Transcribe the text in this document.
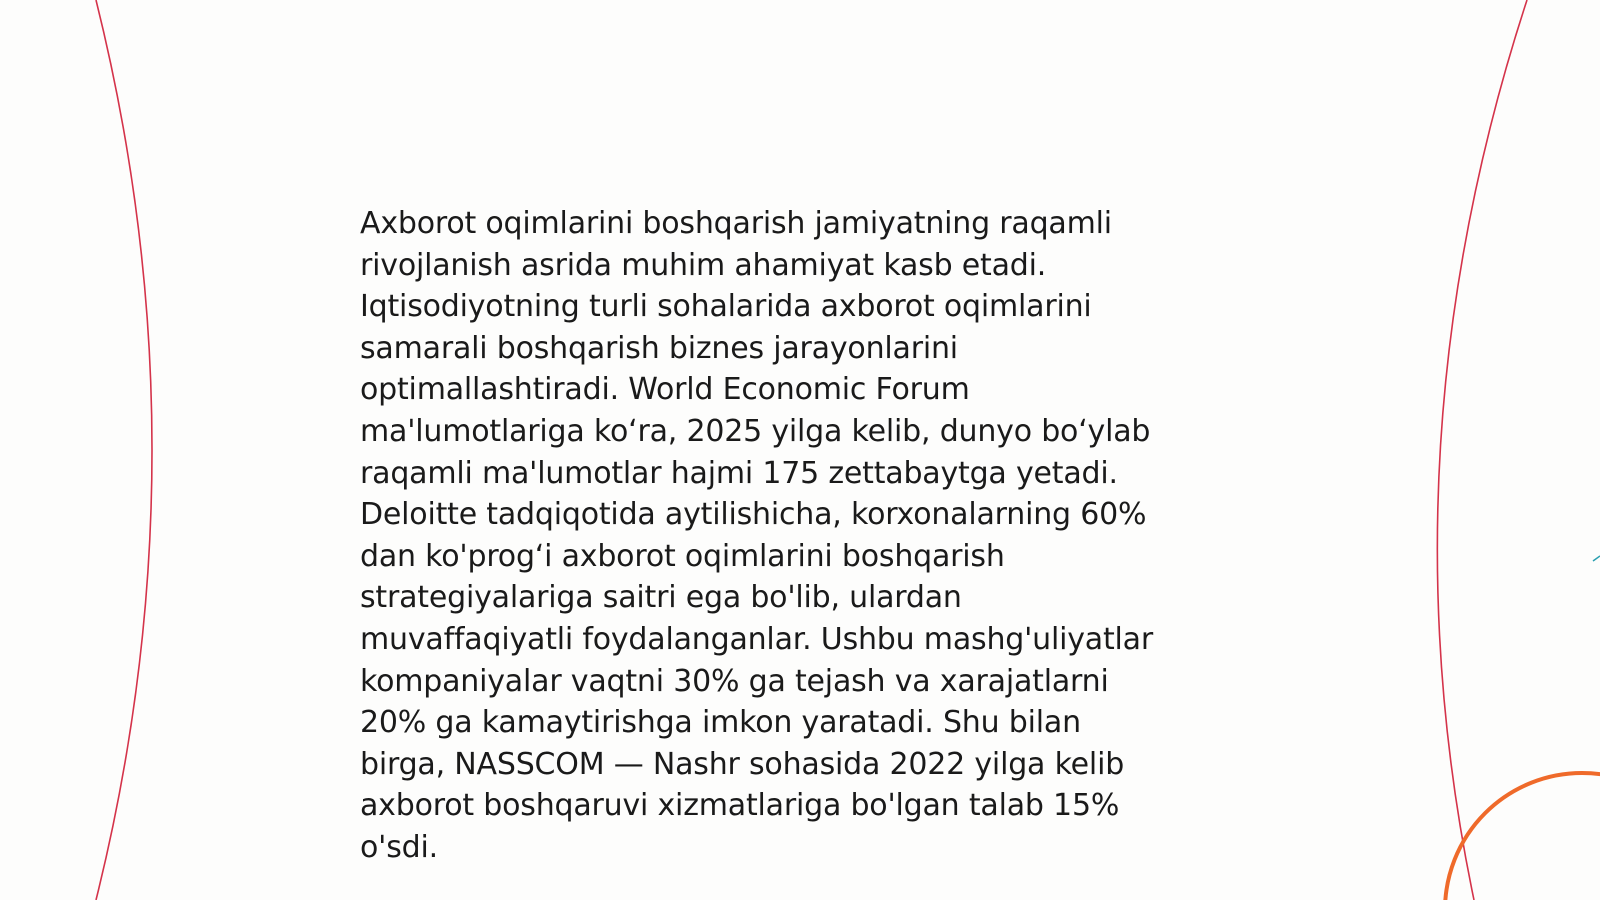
Axborot oqimlarini boshqarish jamiyatning raqamli
rivojlanish asrida muhim ahamiyat kasb etadi.
Iqtisodiyotning turli sohalarida axborot oqimlarini
samarali boshqarish biznes jarayonlarini
optimallashtiradi. World Economic Forum
ma'lumotlariga ko‘ra, 2025 yilga kelib, dunyo bo‘ylab
raqamli ma'lumotlar hajmi 175 zettabaytga yetadi.
Deloitte tadqiqotida aytilishicha, korxonalarning 60%
dan ko'prog‘i axborot oqimlarini boshqarish
strategiyalariga saitri ega bo'lib, ulardan
muvaffaqiyatli foydalanganlar. Ushbu mashg'uliyatlar
kompaniyalar vaqtni 30% ga tejash va xarajatlarni
20% ga kamaytirishga imkon yaratadi. Shu bilan
birga, NASSCOM — Nashr sohasida 2022 yilga kelib
axborot boshqaruvi xizmatlariga bo'lgan talab 15%
o'sdi.
